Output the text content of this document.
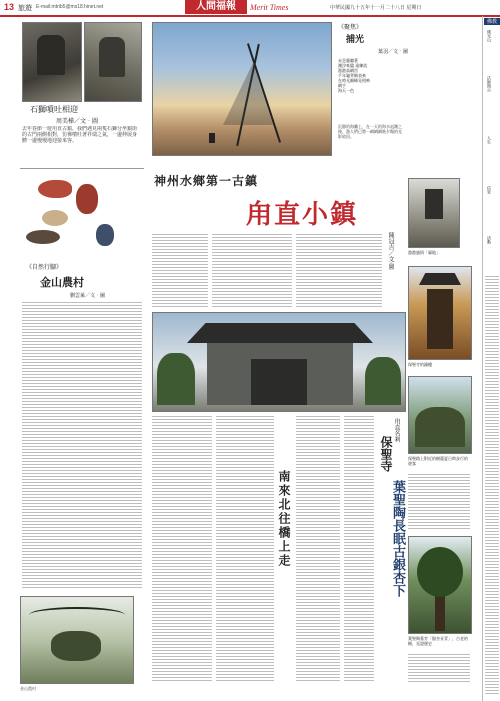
13 旅遊 E-mail:mtrib5@ms18.hinet.net	人間福報	Merit Times	中華民國九十五年十一月二十八日 星期日
石獅噴吐相迎
周美樺／文‧圖
去年春節一遊甪直古鎮，我們遇見兩隻石獅分坐鎮街的古門兩側相對，彷彿噴吐著祥瑞之氣，一邊伸展身體一邊慢慢地迎接來客。
《自然行腳》
金山農村
劉雲萊／文‧圖
金山農村
《聚焦》
捕光
葉羽／文‧圖
未息靈聰著
潮汐來臨 遠練流
漁港高網罟
千年龜背稱表來
在時光巔峰見相映
網手
海天一色
沉靜的海灘上，在一天的海水退潮之後，漁人們已將一網網網進夕陽的光影收回。
神州水鄉第一古鎮
甪直小鎮
陳冠吉／文‧圖
南來北往橋上走
甪直名剎
保聖寺
葉聖陶長眠古銀杏下
漁港風情「廟地」
保聖寺的鐘樓
保聖路上附近的樹蔭夏日時步行的遊客
葉聖陶墓旁「銀杏長青」，古老的樹，見證歷史
佛教
佛光山
法師開示
人生
信眾
活動
